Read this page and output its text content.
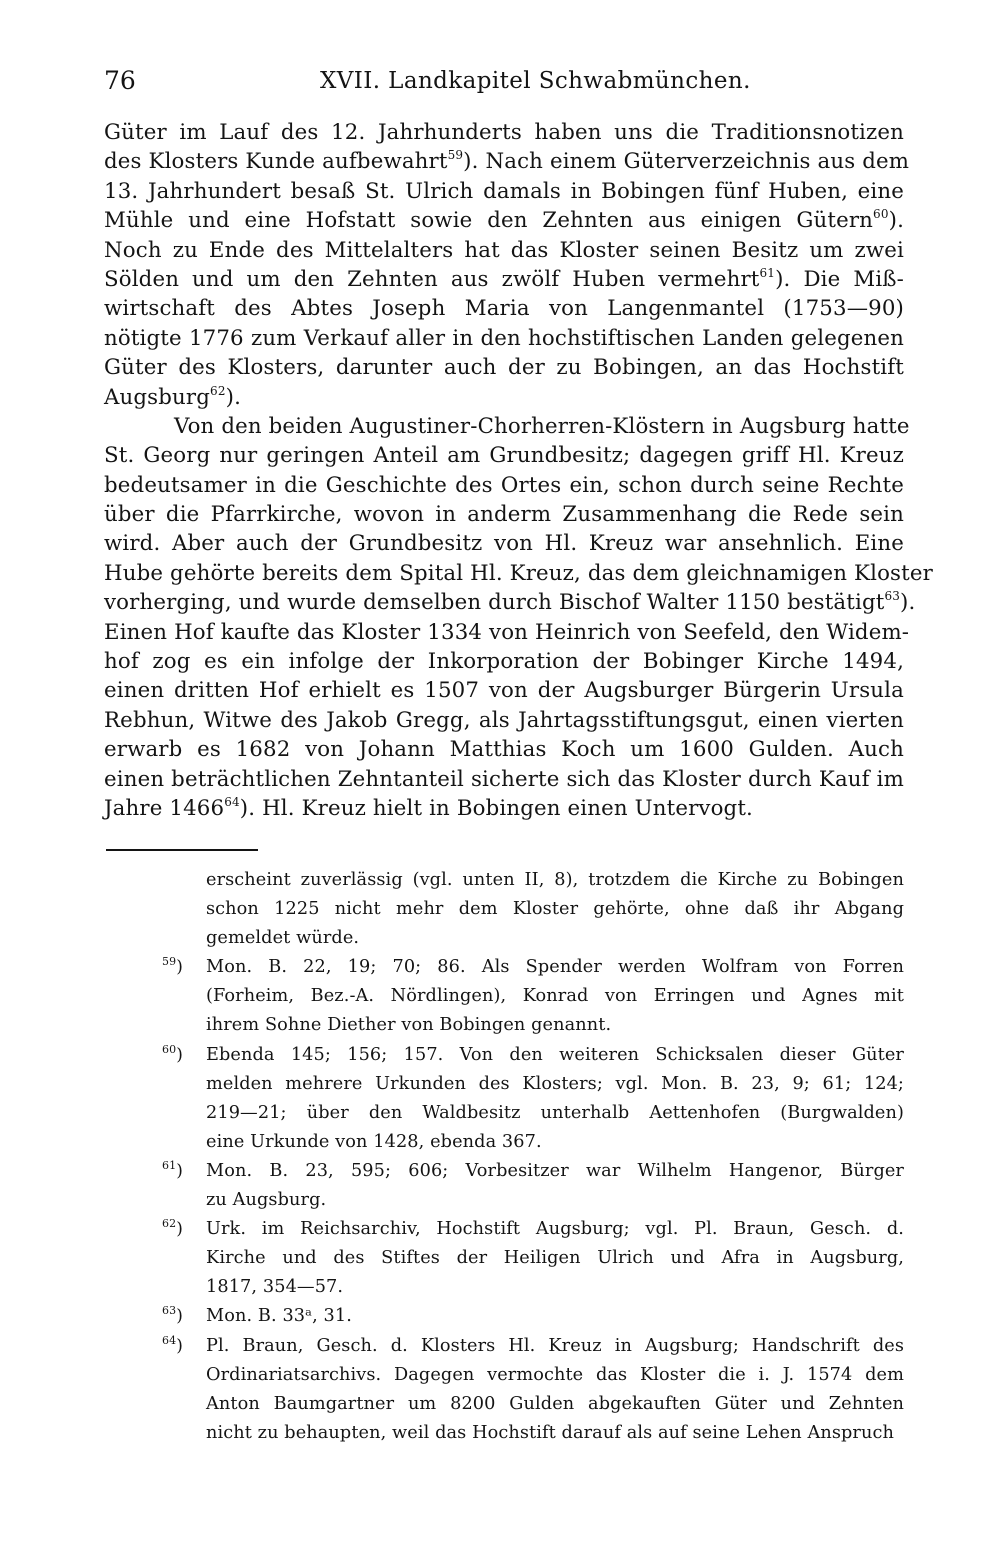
76	XVII. Landkapitel Schwabmünchen.
Güter im Lauf des 12. Jahrhunderts haben uns die Traditionsnotizen
des Klosters Kunde aufbewahrt$^{59}$). Nach einem Güterverzeichnis aus dem
13. Jahrhundert besaß St. Ulrich damals in Bobingen fünf Huben, eine
Mühle und eine Hofstatt sowie den Zehnten aus einigen Gütern$^{60}$).
Noch zu Ende des Mittelalters hat das Kloster seinen Besitz um zwei
Sölden und um den Zehnten aus zwölf Huben vermehrt$^{61}$). Die Miß-
wirtschaft des Abtes Joseph Maria von Langenmantel (1753—90)
nötigte 1776 zum Verkauf aller in den hochstiftischen Landen gelegenen
Güter des Klosters, darunter auch der zu Bobingen, an das Hochstift
Augsburg$^{62}$).
Von den beiden Augustiner-Chorherren-Klöstern in Augsburg hatte
St. Georg nur geringen Anteil am Grundbesitz; dagegen griff Hl. Kreuz
bedeutsamer in die Geschichte des Ortes ein, schon durch seine Rechte
über die Pfarrkirche, wovon in anderm Zusammenhang die Rede sein
wird. Aber auch der Grundbesitz von Hl. Kreuz war ansehnlich. Eine
Hube gehörte bereits dem Spital Hl. Kreuz, das dem gleichnamigen Kloster
vorherging, und wurde demselben durch Bischof Walter 1150 bestätigt$^{63}$).
Einen Hof kaufte das Kloster 1334 von Heinrich von Seefeld, den Widem-
hof zog es ein infolge der Inkorporation der Bobinger Kirche 1494,
einen dritten Hof erhielt es 1507 von der Augsburger Bürgerin Ursula
Rebhun, Witwe des Jakob Gregg, als Jahrtagsstiftungsgut, einen vierten
erwarb es 1682 von Johann Matthias Koch um 1600 Gulden. Auch
einen beträchtlichen Zehntanteil sicherte sich das Kloster durch Kauf im
Jahre 1466$^{64}$). Hl. Kreuz hielt in Bobingen einen Untervogt.
erscheint zuverlässig (vgl. unten II, 8), trotzdem die Kirche zu Bobingen
schon 1225 nicht mehr dem Kloster gehörte, ohne daß ihr Abgang
gemeldet würde.
$^{59}$) Mon. B. 22, 19; 70; 86. Als Spender werden Wolfram von Forren
(Forheim, Bez.-A. Nördlingen), Konrad von Erringen und Agnes mit
ihrem Sohne Diether von Bobingen genannt.
$^{60}$) Ebenda 145; 156; 157. Von den weiteren Schicksalen dieser Güter
melden mehrere Urkunden des Klosters; vgl. Mon. B. 23, 9; 61; 124;
219—21; über den Waldbesitz unterhalb Aettenhofen (Burgwalden)
eine Urkunde von 1428, ebenda 367.
$^{61}$) Mon. B. 23, 595; 606; Vorbesitzer war Wilhelm Hangenor, Bürger
zu Augsburg.
$^{62}$) Urk. im Reichsarchiv, Hochstift Augsburg; vgl. Pl. Braun, Gesch. d.
Kirche und des Stiftes der Heiligen Ulrich und Afra in Augsburg,
1817, 354—57.
$^{63}$) Mon. B. 33ᵃ, 31.
$^{64}$) Pl. Braun, Gesch. d. Klosters Hl. Kreuz in Augsburg; Handschrift des
Ordinariatsarchivs. Dagegen vermochte das Kloster die i. J. 1574 dem
Anton Baumgartner um 8200 Gulden abgekauften Güter und Zehnten
nicht zu behaupten, weil das Hochstift darauf als auf seine Lehen Anspruch
